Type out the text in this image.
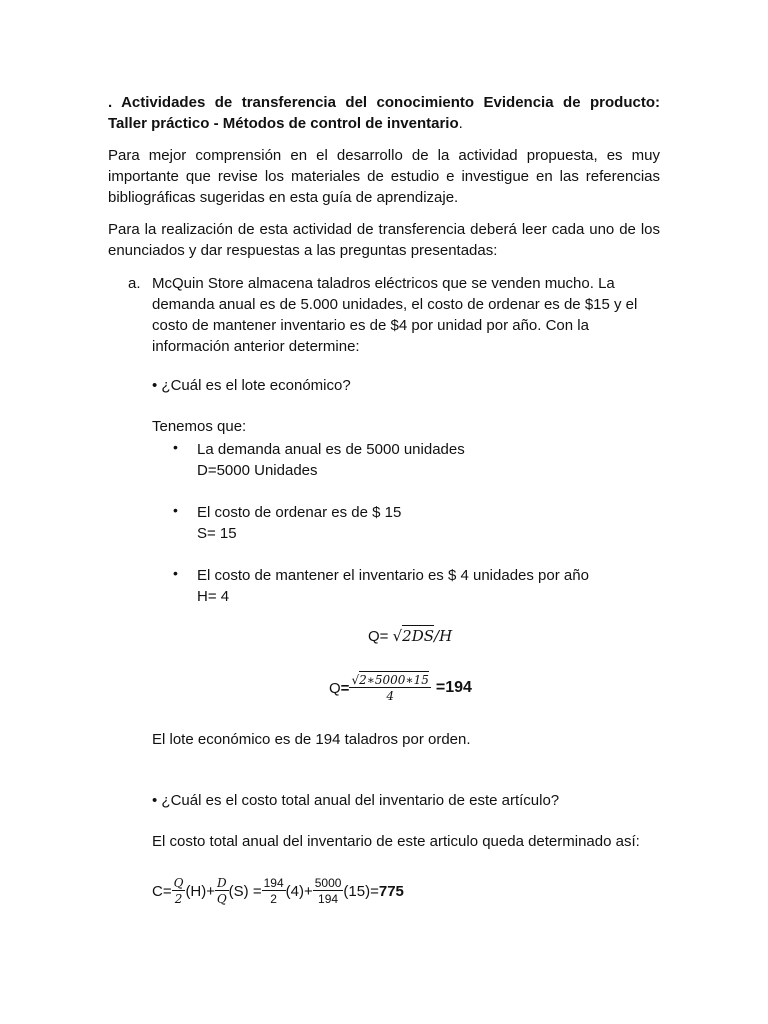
. Actividades de transferencia del conocimiento Evidencia de producto:
Taller práctico - Métodos de control de inventario.
Para mejor comprensión en el desarrollo de la actividad propuesta, es muy
importante que revise los materiales de estudio e investigue en las referencias
bibliográficas sugeridas en esta guía de aprendizaje.
Para la realización de esta actividad de transferencia deberá leer cada uno de los
enunciados y dar respuestas a las preguntas presentadas:
a. McQuin Store almacena taladros eléctricos que se venden mucho. La
demanda anual es de 5.000 unidades, el costo de ordenar es de $15 y el
costo de mantener inventario es de $4 por unidad por año. Con la
información anterior determine:
• ¿Cuál es el lote económico?
Tenemos que:
• La demanda anual es de 5000 unidades
D=5000 Unidades
• El costo de ordenar es de $ 15
S= 15
• El costo de mantener el inventario es $ 4 unidades por año
H= 4
Q= √2DS/H
$Q = \frac{√2∗5000∗15}{4} =194$
El lote económico es de 194 taladros por orden.
• ¿Cuál es el costo total anual del inventario de este artículo?
El costo total anual del inventario de este articulo queda determinado así:
$C= \frac{Q}{2} (H)+ \frac{D}{Q} (S) = \frac{194}{2} (4)+ \frac{5000}{194} (15)= 775$
